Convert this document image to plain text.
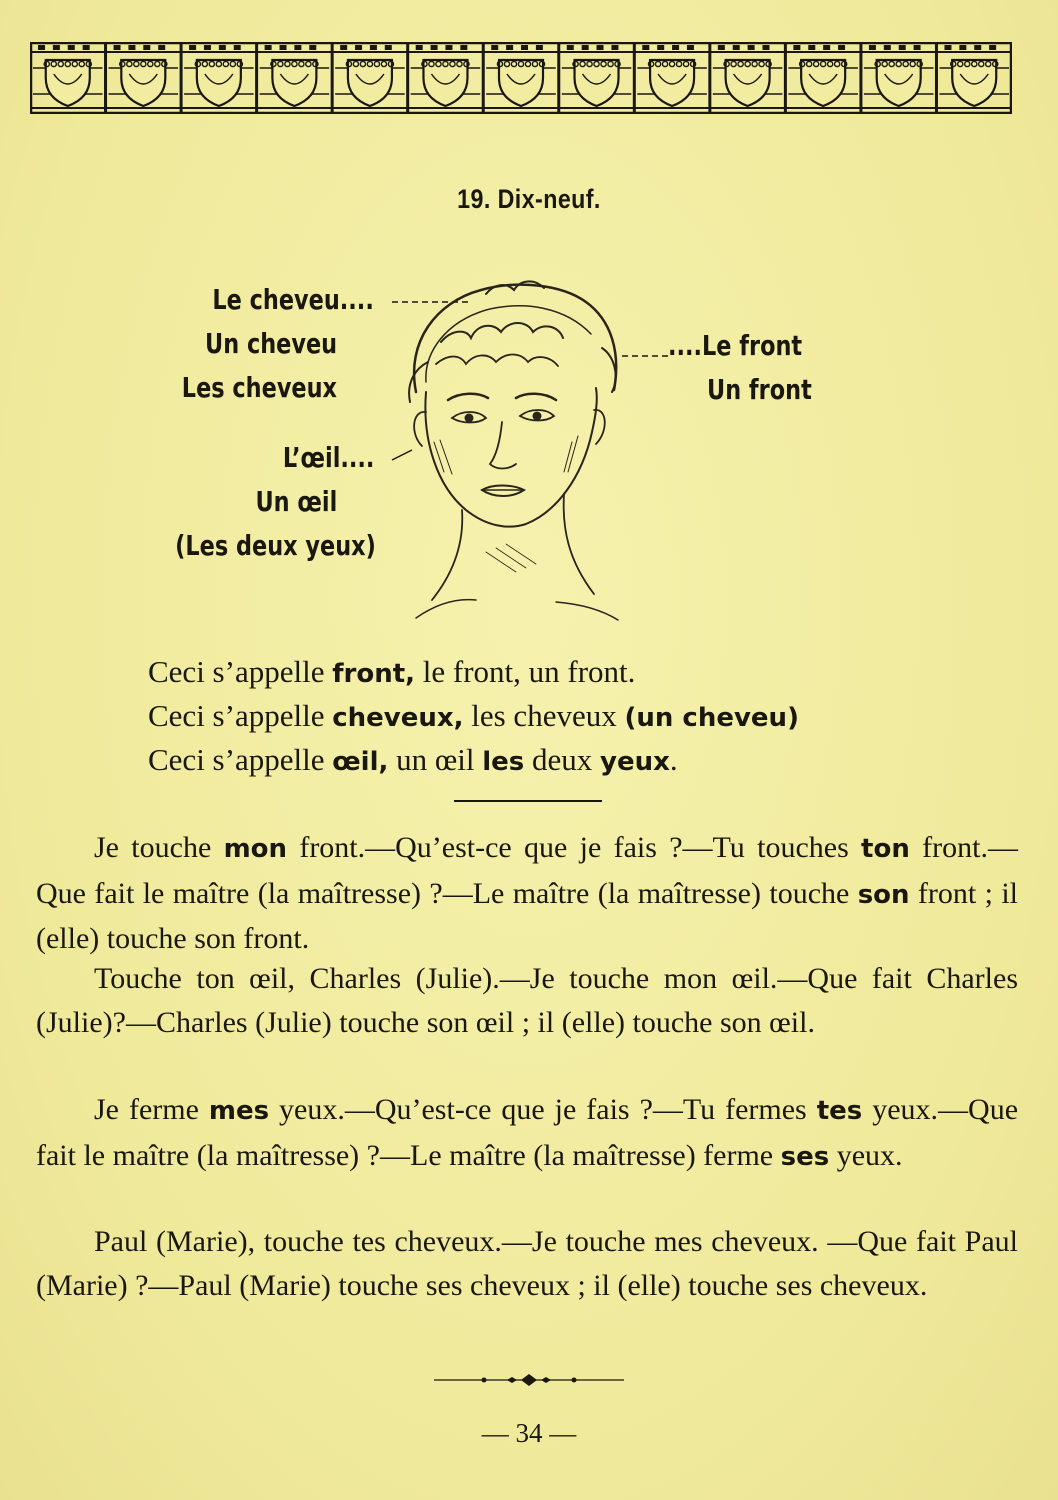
19. Dix-neuf.
Le cheveu....
Un cheveu
Les cheveux
L’œil....
Un œil
(Les deux yeux)
....Le front
Un front
Ceci s’appelle front, le front, un front.
Ceci s’appelle cheveux, les cheveux (un cheveu)
Ceci s’appelle œil, un œil les deux yeux.
Je touche mon front.—Qu’est-ce que je fais ?—Tu touches ton front.—Que fait le maître (la maîtresse) ?—Le maître (la maîtresse) touche son front ; il (elle) touche son front.
Touche ton œil, Charles (Julie).—Je touche mon œil.—Que fait Charles (Julie)?—Charles (Julie) touche son œil ; il (elle) touche son œil.
Je ferme mes yeux.—Qu’est-ce que je fais ?—Tu fermes tes yeux.—Que fait le maître (la maîtresse) ?—Le maître (la maîtresse) ferme ses yeux.
Paul (Marie), touche tes cheveux.—Je touche mes cheveux. —Que fait Paul (Marie) ?—Paul (Marie) touche ses cheveux ; il (elle) touche ses cheveux.
— 34 —
